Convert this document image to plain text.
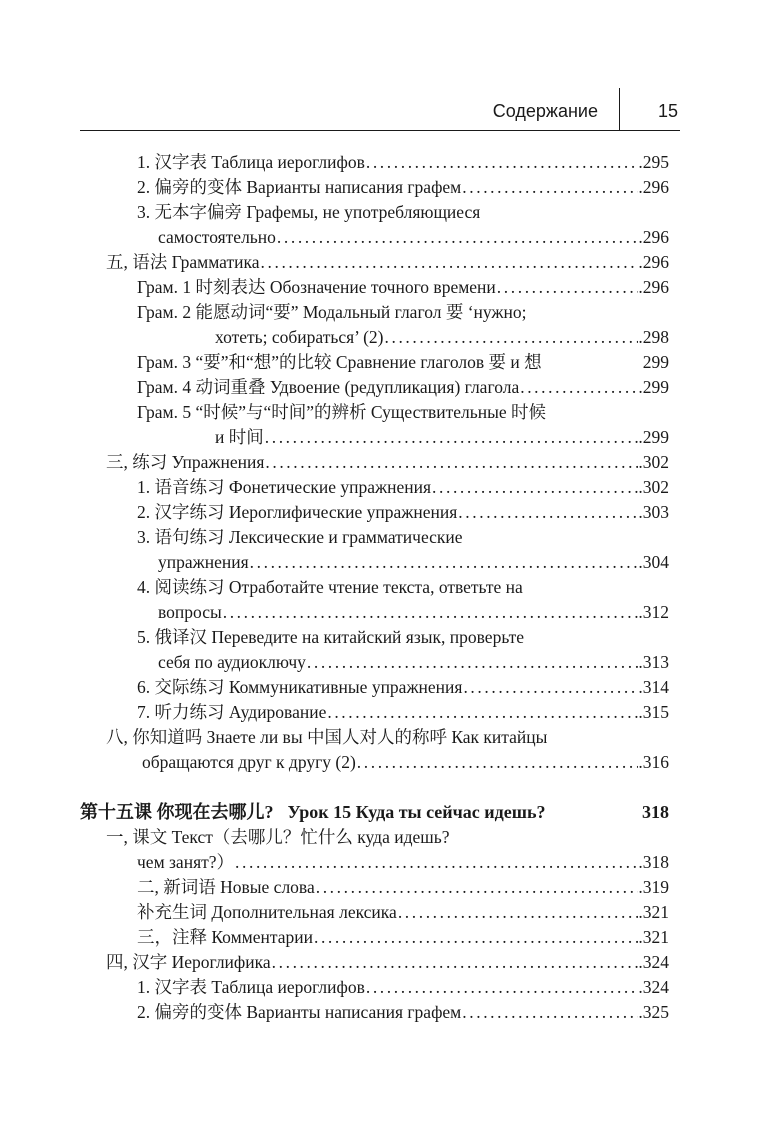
Содержание	15
1. 汉字表 Таблица иероглифов .....	.295
2. 偏旁的变体 Варианты написания графем .....	.296
3. 无本字偏旁 Графемы, не употребляющиеся
самостоятельно .....	.296
五, 语法 Грамматика .....	.296
Грам. 1 时刻表达 Обозначение точного времени .....	.296
Грам. 2 能愿动词“要” Модальный глагол 要 ‘нужно;
хотеть; собираться’ (2) .....	.298
Грам. 3 “要”和“想”的比较 Сравнение глаголов 要 и 想	299
Грам. 4 动词重叠 Удвоение (редупликация) глагола .....	.299
Грам. 5 “时候”与“时间”的辨析 Существительные 时候
и 时间 .....	.299
三, 练习 Упражнения .....	.302
1. 语音练习 Фонетические упражнения .....	.302
2. 汉字练习 Иероглифические упражнения .....	.303
3. 语句练习 Лексические и грамматические
упражнения .....	.304
4. 阅读练习 Отработайте чтение текста, ответьте на
вопросы .....	.312
5. 俄译汉 Переведите на китайский язык, проверьте
себя по аудиоключу .....	.313
6. 交际练习 Коммуникативные упражнения .....	.314
7. 听力练习 Аудирование .....	.315
八, 你知道吗 Знаете ли вы 中国人对人的称呼 Как китайцы
обращаются друг к другу (2) .....	.316
第十五课 你现在去哪儿? Урок 15 Куда ты сейчас идешь?	318
一, 课文 Текст（去哪儿？忙什么 куда идешь?
чем занят?） .....	.318
二, 新词语 Новые слова .....	.319
补充生词 Дополнительная лексика .....	.321
三，注释 Комментарии .....	.321
四, 汉字 Иероглифика .....	.324
1. 汉字表 Таблица иероглифов .....	.324
2. 偏旁的变体 Варианты написания графем .....	.325
